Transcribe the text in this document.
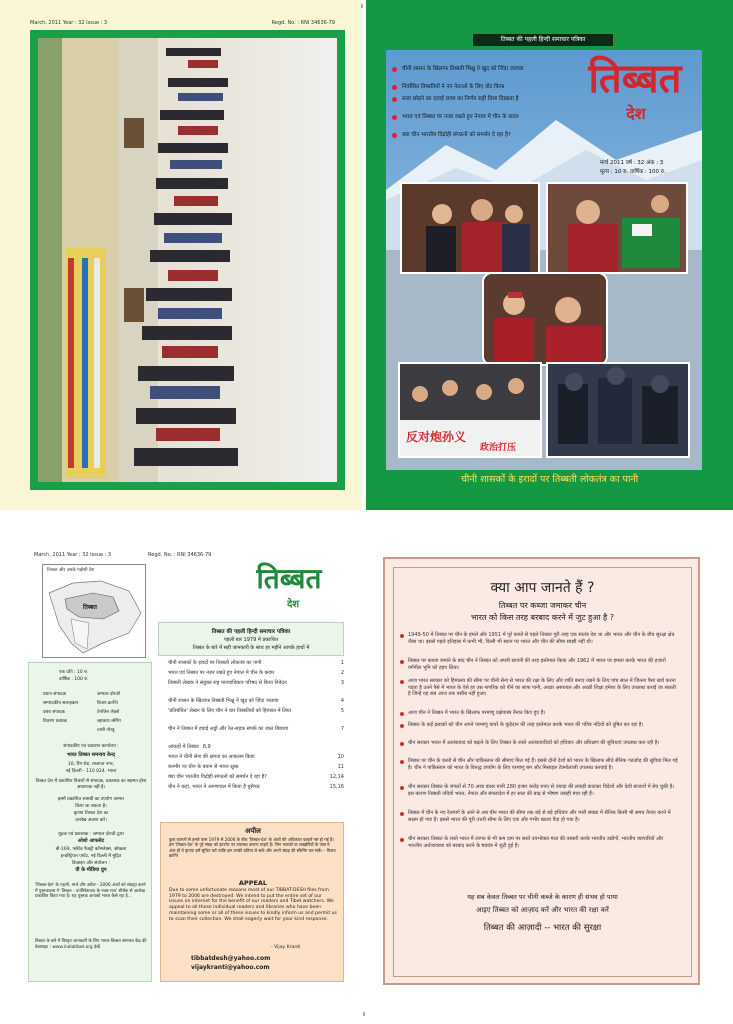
March, 2011 Year : 32 Issue : 3	Regd. No. : RNI 34636-79
॥
तिब्बत की पहली हिन्दी समाचार पत्रिका
चीनी शासकों के इरादों पर तिब्बती लोकतंत्र का पानी
चीनी शासन के खिलाफ तिब्बती भिक्षु ने खुद को जिंदा जलाया
निर्वासित तिब्बतियों ने नए नेताओं के लिए वोट किया
सत्ता छोड़ने का दलाई लामा का निर्णय सही दिशा दिखाता है
भारत एवं तिब्बत पर नजर रखते हुए नेपाल में चीन के कदम
क्या चीन भारतीय विद्रोही संगठनों को समर्थन दे रहा है?
तिब्बत
देश
मार्च 2011 वर्ष : 32 अंक : 3
मूल्य : 10 रु. वार्षिक : 100 रु.
反对炮孙义
政治打压
March, 2011 Year : 32 Issue : 3	Regd. No. : RNI 34636-79
तिब्बत और उसके पड़ोसी देश
तिब्बत
तिब्बत
देश
तिब्बत की पहली हिन्दी समाचार पत्रिका
पहली बार 1979 में प्रकाशित
तिब्बत के बारे में सही जानकारी के साथ हर महीने आपके हाथों में
एक प्रति : 10 रु.
वार्षिक : 100 रु.
प्रधान संपादक	जम्पाल दोरजी
सम्पादकीय सलाहकार	विजय क्रान्ति
प्रबंध संपादक	तेनजिन लेक्शे
वितरण प्रबंधक	ल्हाकपा त्सेरिंग
ताशी नोरबु
संपादकीय एवं प्रकाशन कार्यालय :
भारत तिब्बत समन्वय केन्द्र
10, रिंग रोड, लाजपत नगर,
नई दिल्ली - 110 024. भारत
तिब्बत देश में प्रकाशित विचारों से संपादक, प्रकाशक का सहमत होना आवश्यक नहीं है।
इसमें प्रकाशित सामग्री का उपयोग आभार
किया जा सकता है।
कृपया तिब्बत देश का
उल्लेख अवश्य करें।
मुद्रक एवं प्रकाशक : जम्पाल दोरजी द्वारा
ओशो आफसेट
बी-169, फ्लैटेड फैक्ट्री कॉम्प्लेक्स, ओखला
इन्डस्ट्रियल एस्टेट, नई दिल्ली में मुद्रित
डिजाइन और संयोजन :
वी के मीडिया ग्रुप
'तिब्बत-देश' के पहली, मार्च और अप्रैल - 2006 अंकों को संग्रह्या करने में पुस्तकालय ने 'तिब्बत - उपनिवेशवाद के नवन्न राज' शीर्षक से आलेख प्रकाशित किया गया है। यह पुस्तक आपको भारत कैसे रहा है...
तिब्बत के बारे में विस्तृत जानकारी के लिए भारत-तिब्बत समन्वय केंद्र की वेबसाइट : www.indiatibet.org देखें
चीनी शासकों के इरादों पर तिब्बती लोकतंत्र का पानी	1
भारत एवं तिब्बत पर नजर रखते हुए नेपाल में चीन के कदम	2
तिब्बती लेखक ने संयुक्त राष्ट्र मानवाधिकार परिषद से किया निवेदन	3
चीनी शासन के खिलाफ तिब्बती भिक्षु ने खुद को जिंदा जलाया	4
'प्रतिबंधित' लेखन के लिए चीन ने चार तिब्बतियों को हिरासत में लिया	5
चीन ने तिब्बत में हवाई अड्डों और रेल-सड़क संपर्क का जाल बिछाया	7
आंकड़ों में तिब्बत 8,9
भारत ने चीनी सेना की क्षमता का आकलन किया	10
कश्मीर पर चीन के बयान से भारत क्षुब्ध	11
क्या चीन भारतीय विद्रोही संगठनों को समर्थन दे रहा है?	12,14
चीन ने कहा, भारत ने अरुणाचल में किया है घुसैपठ	15,16
अपील
कुछ कारणों से हमारे पास 1979 से 2006 के बीच 'तिब्बत-देश' के अंकों की अधिकांश फाइलें नष्ट हो गई हैं। हम 'तिब्बत-देश' के पूरे संग्रह को इंटरनेट पर उपलब्ध कराना चाहते हैं। जिन पाठकों या लाइब्रेरियों के पास ये अंक हों वे कृपया हमें सूचित करें ताकि हम उनकी प्रतियां ले सकें और अपने संग्रह की स्कैनिंग कर सकें। - विजय क्रान्ति
APPEAL
Due to some unfortunate reasons most of our TIBBAT-DESH files from 1979 to 2006 are destroyed. We intend to put the entire set of our issues on internet for the benefit of our readers and Tibet watchers. We appeal to all those individual readers and libraries who have been maintaining some or all of these issues to kindly inform us and permit us to scan their collection. We shall eagerly wait for your kind response.
- Vijay Kranti
tibbatdesh@yahoo.com
vijaykranti@yahoo.com
क्या आप जानते हैं ?
तिब्बत पर कब्जा जमाकर चीन
भारत को किस तरह बरबाद करने में जुट हुआ है ?
1949-50 में तिब्बत पर चीन के हमले और 1951 में पूरे कब्जे से पहले तिब्बत पूरी तरह एक स्वतंत्र देश था और भारत और चीन के बीच सुरक्षा क्षेत्र जैसा था। इससे पहले इतिहास में कभी भी, किसी भी स्थान पर भारत और चीन की सीमा साझी नहीं थी।
तिब्बत पर कब्जा जमाने के बाद चीन ने तिब्बत को अपनी छावनी की तरह इस्तेमाल किया और 1962 में भारत पर हमला करके भारत की हजारों वर्गमील भूमि को हड़प लिया।
आज भारत सरकार को हिमालय की सीमा पर चीनी सेना से भारत की रक्षा के लिए और शांति बनाए रखने के लिए पांच साल में जितना पैसा खर्च करना पड़ता है उतने पैसे में भारत के ऐसे हर उस नागरिक को पीने का साफ पानी, अच्छा अस्पताल और अच्छी शिक्षा हमेशा के लिए उपलब्ध कराई जा सकती है जिन्हें यह सब आज तक नसीब नहीं हुआ।
आज चीन ने तिब्बत में भारत के खिलाफ परमाणु प्रक्षेपास्त्र तैनात किए हुए हैं।
तिब्बत के कई इलाकों को चीन अपने परमाणु कचरे के कूड़ेदान की तरह इस्तेमाल करके भारत की पवित्र नदियों को दूषित कर रहा है।
चीन सरकार भारत में आतंकवाद को बढ़ाने के लिए तिब्बत के रास्ते आतंकवादियों को हथियार और प्रशिक्षण की सुविधाएं उपलब्ध करा रही है।
तिब्बत पर चीन के कब्जे से चीन और पाकिस्तान की सीमाएं मिल गई हैं। इससे दोनों देशों को भारत के खिलाफ सीधे सैनिक गठजोड़ की सुविधा मिल गई है। चीन ने पाकिस्तान को भारत के विरुद्ध उपयोग के लिए परमाणु बम और मिसाइल टेक्नोलाजी उपलब्ध करवाई है।
चीन सरकार तिब्बत के जंगलों से 70 अरब डालर यानी 280 हजार करोड़ रुपए से ज्यादा की लकड़ी काटकर विदेशों और देशी बाजारों में बेच चुकी है। इस कारण तिब्बती नदियों भारत, नेपाल और बंगलादेश में हर साल की बाढ़ से भीषण तबाही मचा रही हैं।
तिब्बत में चीन के नए रेलमार्ग के आने से अब चीन भारत की सीमा तक बड़े से बड़े हथियार और भारी संख्या में सैनिक किसी भी समय तैनात करने में सक्षम हो गया है। इससे भारत की पूरी उत्तरी सीमा के लिए एक और गंभीर खतरा पैदा हो गया है।
चीन सरकार तिब्बत के रास्ते भारत में लागत से भी कम दाम पर सस्ते उपभोक्ता माल की तस्करी करके भारतीय उद्योगों, भारतीय व्यापारियों और भारतीय अर्थव्यवस्था को बरबाद करने के षडयंत्र में जुटी हुई है।
यह सब केवल तिब्बत पर चीनी कब्जे के कारण ही संभव हो पाया
आइए तिब्बत को आज़ाद करें और भारत की रक्षा करें
तिब्बत की आज़ादी -- भारत की सुरक्षा
॥
